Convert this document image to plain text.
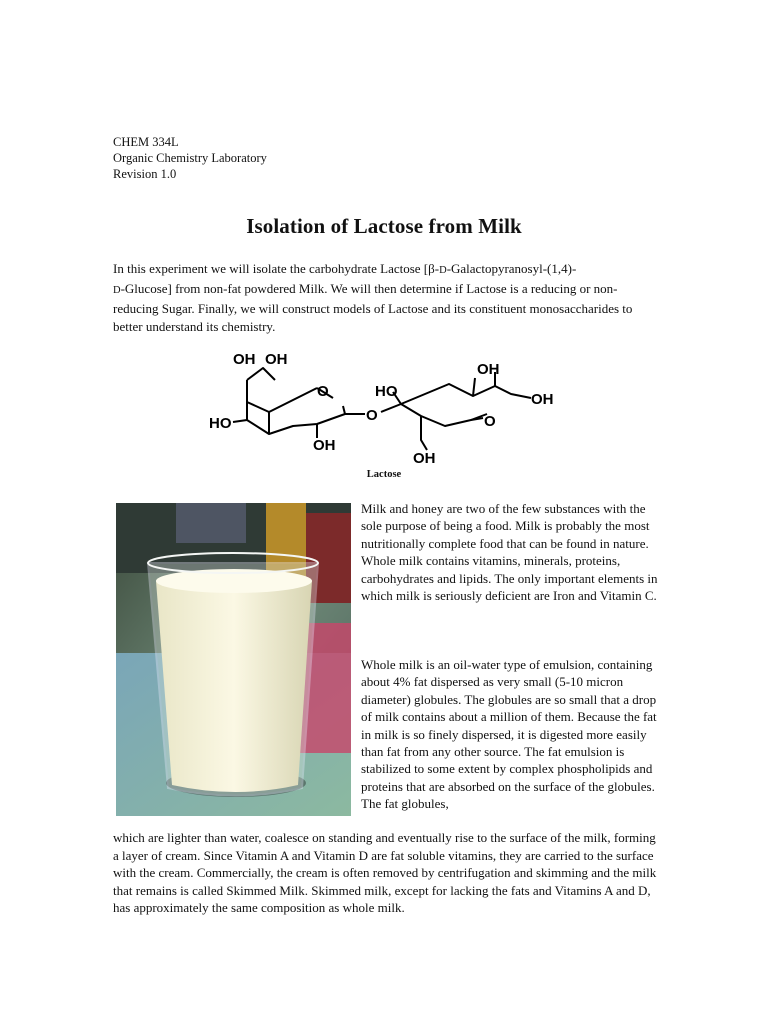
CHEM 334L
Organic Chemistry Laboratory
Revision 1.0
Isolation of Lactose from Milk
In this experiment we will isolate the carbohydrate Lactose [β-D-Galactopyranosyl-(1,4)-
D-Glucose] from non-fat powdered Milk. We will then determine if Lactose is a reducing or non-reducing Sugar. Finally, we will construct models of Lactose and its constituent monosaccharides to better understand its chemistry.
OH OH
O
HO
OH
O
HO
OH
OH
O
OH
Lactose
Milk and honey are two of the few substances with the sole purpose of being a food. Milk is probably the most nutritionally complete food that can be found in nature. Whole milk contains vitamins, minerals, proteins, carbohydrates and lipids. The only important elements in which milk is seriously deficient are Iron and Vitamin C.
Whole milk is an oil-water type of emulsion, containing about 4% fat dispersed as very small (5-10 micron diameter) globules. The globules are so small that a drop of milk contains about a million of them. Because the fat in milk is so finely dispersed, it is digested more easily than fat from any other source. The fat emulsion is stabilized to some extent by complex phospholipids and proteins that are absorbed on the surface of the globules. The fat globules,
which are lighter than water, coalesce on standing and eventually rise to the surface of the milk, forming a layer of cream. Since Vitamin A and Vitamin D are fat soluble vitamins, they are carried to the surface with the cream. Commercially, the cream is often removed by centrifugation and skimming and the milk that remains is called Skimmed Milk. Skimmed milk, except for lacking the fats and Vitamins A and D, has approximately the same composition as whole milk.
